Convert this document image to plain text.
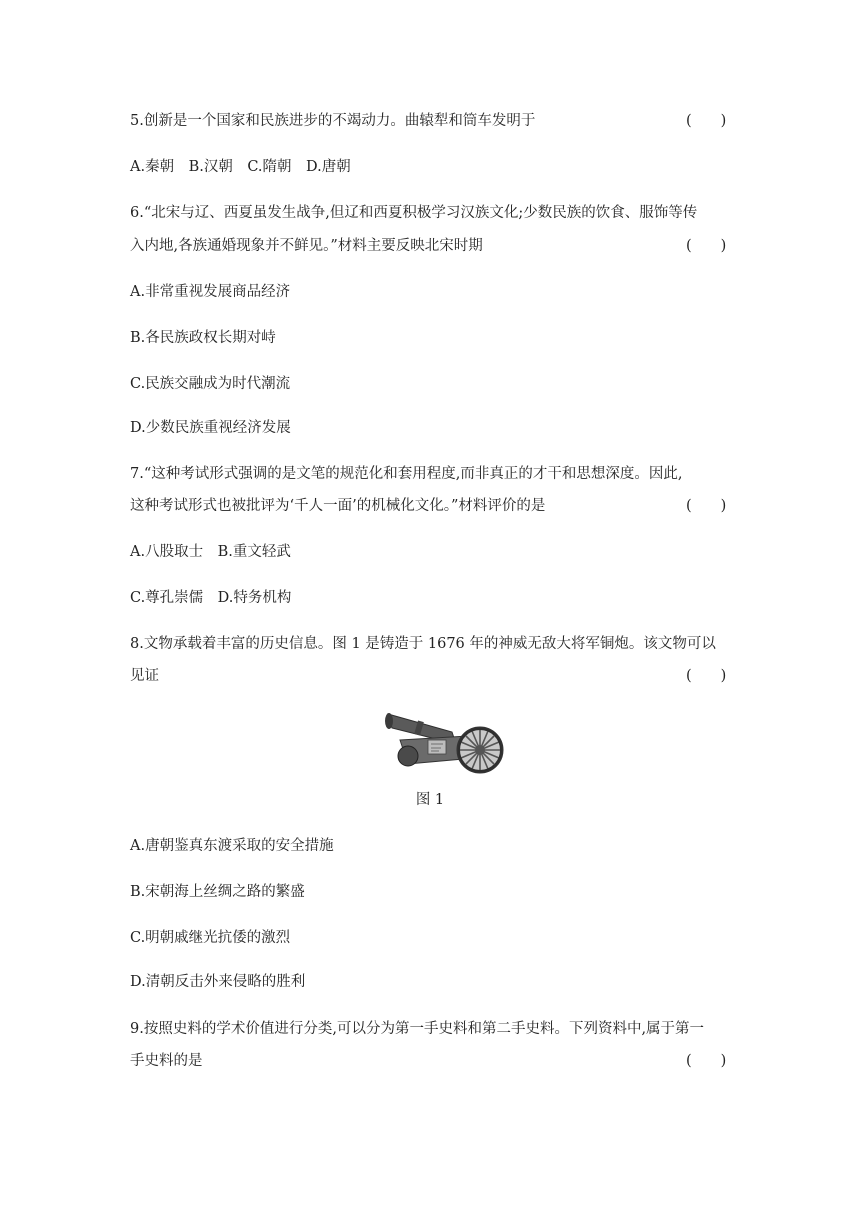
5.创新是一个国家和民族进步的不竭动力。曲辕犁和筒车发明于	(　　)
A.秦朝　B.汉朝　C.隋朝　D.唐朝
6.“北宋与辽、西夏虽发生战争,但辽和西夏积极学习汉族文化;少数民族的饮食、服饰等传
入内地,各族通婚现象并不鲜见。”材料主要反映北宋时期	(　　)
A.非常重视发展商品经济
B.各民族政权长期对峙
C.民族交融成为时代潮流
D.少数民族重视经济发展
7.“这种考试形式强调的是文笔的规范化和套用程度,而非真正的才干和思想深度。因此,
这种考试形式也被批评为‘千人一面’的机械化文化。”材料评价的是	(　　)
A.八股取士　B.重文轻武
C.尊孔崇儒　D.特务机构
8.文物承载着丰富的历史信息。图 1 是铸造于 1676 年的神威无敌大将军铜炮。该文物可以
见证	(　　)
图 1
A.唐朝鉴真东渡采取的安全措施
B.宋朝海上丝绸之路的繁盛
C.明朝戚继光抗倭的激烈
D.清朝反击外来侵略的胜利
9.按照史料的学术价值进行分类,可以分为第一手史料和第二手史料。下列资料中,属于第一
手史料的是	(　　)
